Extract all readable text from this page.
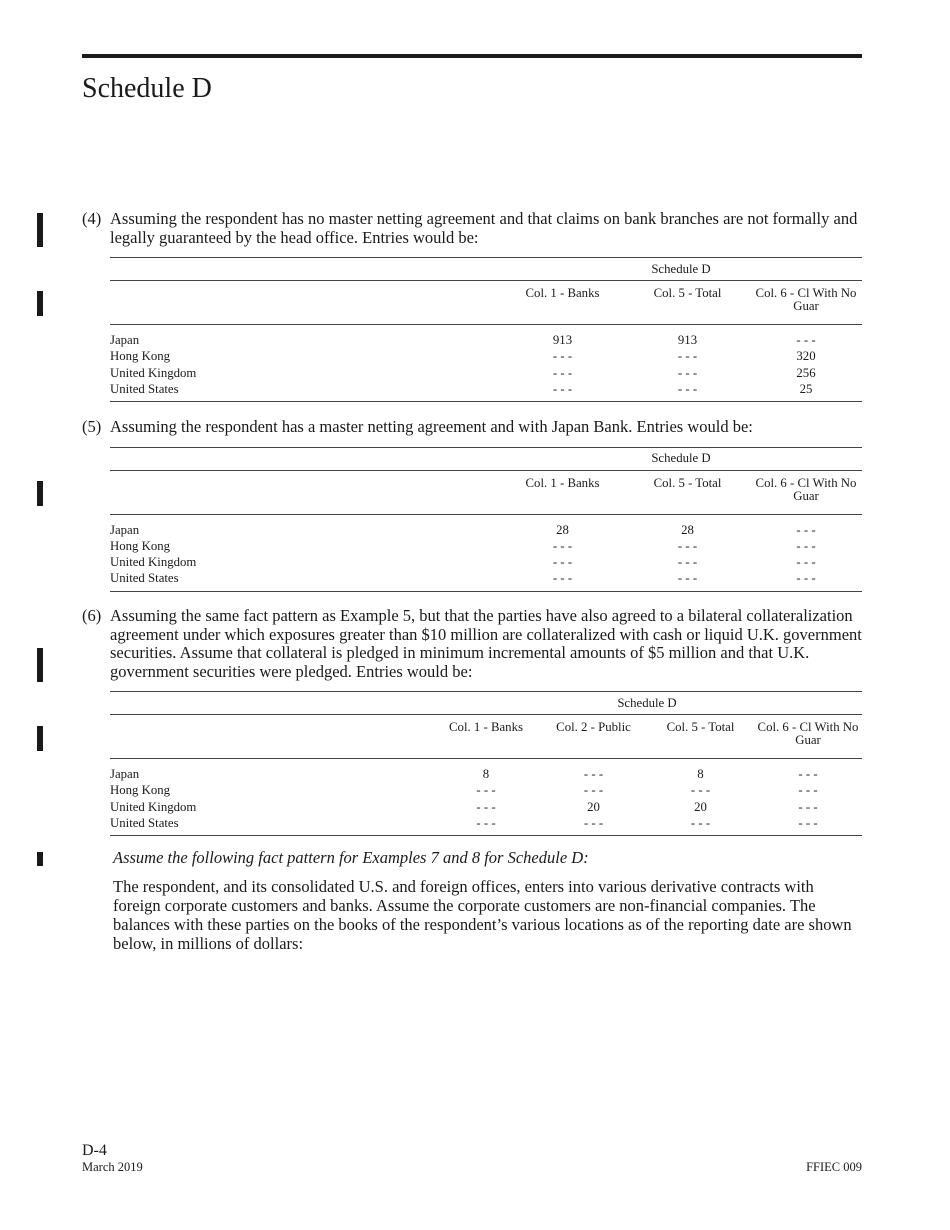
Schedule D
(4) Assuming the respondent has no master netting agreement and that claims on bank branches are not formally and legally guaranteed by the head office. Entries would be:
	Schedule D		
	Col. 1 - Banks	Col. 5 - Total	Col. 6 - Cl With No Guar
Japan	913	913	- - -
Hong Kong	- - -	- - -	320
United Kingdom	- - -	- - -	256
United States	- - -	- - -	25
(5) Assuming the respondent has a master netting agreement and with Japan Bank. Entries would be:
	Schedule D		
	Col. 1 - Banks	Col. 5 - Total	Col. 6 - Cl With No Guar
Japan	28	28	- - -
Hong Kong	- - -	- - -	- - -
United Kingdom	- - -	- - -	- - -
United States	- - -	- - -	- - -
(6) Assuming the same fact pattern as Example 5, but that the parties have also agreed to a bilateral collateralization agreement under which exposures greater than $10 million are collateralized with cash or liquid U.K. government securities. Assume that collateral is pledged in minimum incremental amounts of $5 million and that U.K. government securities were pledged. Entries would be:
	Schedule D			
	Col. 1 - Banks	Col. 2 - Public	Col. 5 - Total	Col. 6 - Cl With No Guar
Japan	8	- - -	8	- - -
Hong Kong	- - -	- - -	- - -	- - -
United Kingdom	- - -	20	20	- - -
United States	- - -	- - -	- - -	- - -

Assume the following fact pattern for Examples 7 and 8 for Schedule D:

The respondent, and its consolidated U.S. and foreign offices, enters into various derivative contracts with foreign corporate customers and banks. Assume the corporate customers are non-financial companies. The balances with these parties on the books of the respondent’s various locations as of the reporting date are shown below, in millions of dollars:

D-4
March 2019	FFIEC 009
